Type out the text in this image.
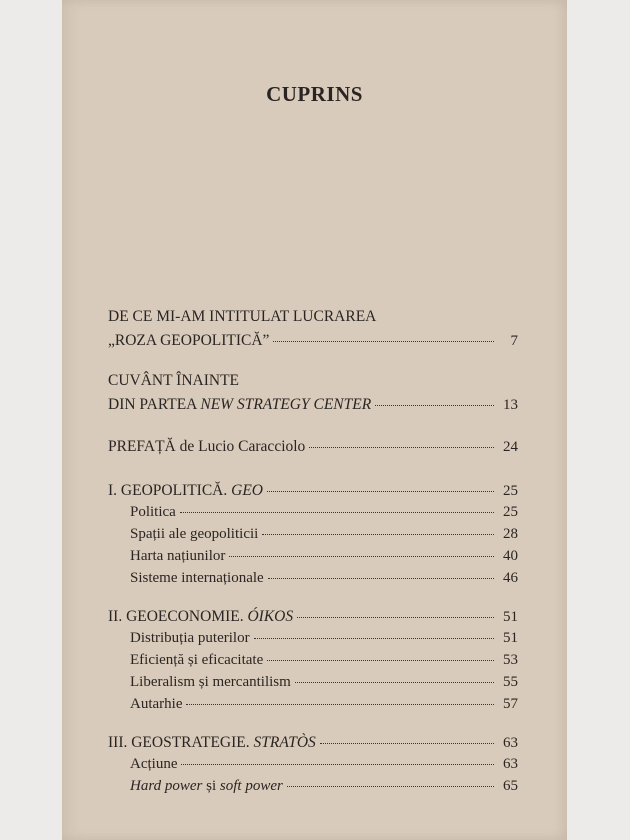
CUPRINS
DE CE MI-AM INTITULAT LUCRAREA
„ROZA GEOPOLITICĂ”	7
CUVÂNT ÎNAINTE
DIN PARTEA NEW STRATEGY CENTER	13
PREFAȚĂ de Lucio Caracciolo	24
I. GEOPOLITICĂ. GEO	25
Politica	25
Spații ale geopoliticii	28
Harta națiunilor	40
Sisteme internaționale	46
II. GEOECONOMIE. ÓIKOS	51
Distribuția puterilor	51
Eficiență și eficacitate	53
Liberalism și mercantilism	55
Autarhie	57
III. GEOSTRATEGIE. STRATÒS	63
Acțiune	63
Hard power și soft power	65
